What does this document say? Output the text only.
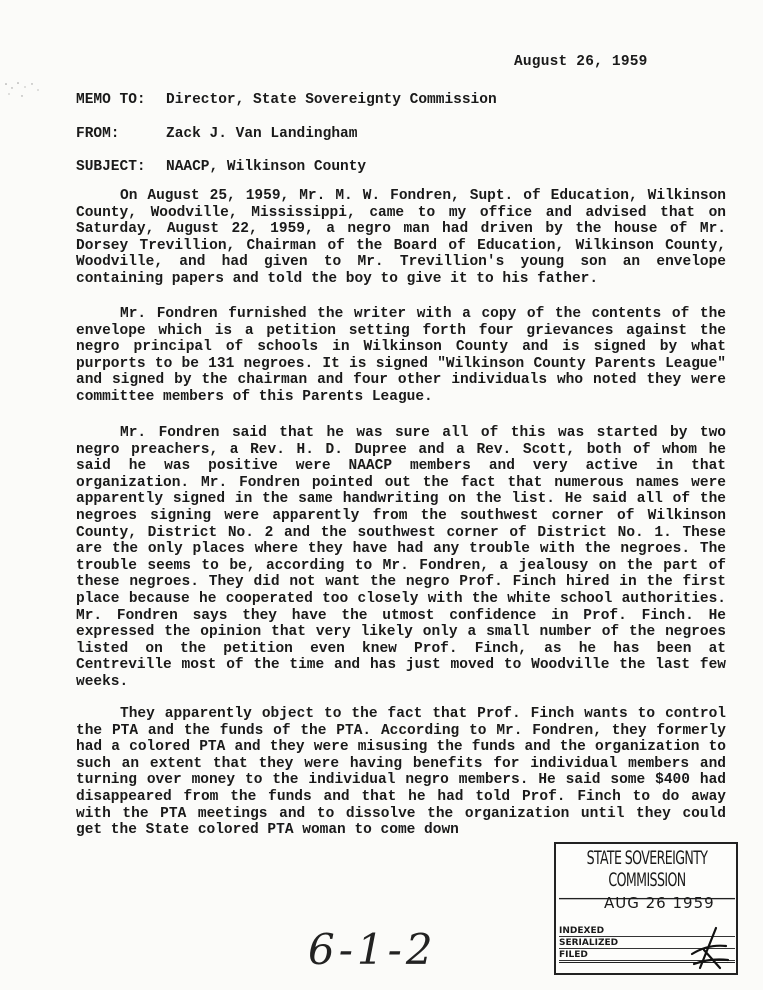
August 26, 1959
MEMO TO: Director, State Sovereignty Commission
FROM:	Zack J. Van Landingham
SUBJECT: NAACP, Wilkinson County

On August 25, 1959, Mr. M. W. Fondren, Supt. of Education, Wilkinson County, Woodville, Mississippi, came to my office and advised that on Saturday, August 22, 1959, a negro man had driven by the house of Mr. Dorsey Trevillion, Chairman of the Board of Education, Wilkinson County, Woodville, and had given to Mr. Trevillion's young son an envelope containing papers and told the boy to give it to his father.

Mr. Fondren furnished the writer with a copy of the contents of the envelope which is a petition setting forth four grievances against the negro principal of schools in Wilkinson County and is signed by what purports to be 131 negroes. It is signed "Wilkinson County Parents League" and signed by the chairman and four other individuals who noted they were committee members of this Parents League.

Mr. Fondren said that he was sure all of this was started by two negro preachers, a Rev. H. D. Dupree and a Rev. Scott, both of whom he said he was positive were NAACP members and very active in that organization. Mr. Fondren pointed out the fact that numerous names were apparently signed in the same handwriting on the list. He said all of the negroes signing were apparently from the southwest corner of Wilkinson County, District No. 2 and the southwest corner of District No. 1. These are the only places where they have had any trouble with the negroes. The trouble seems to be, according to Mr. Fondren, a jealousy on the part of these negroes. They did not want the negro Prof. Finch hired in the first place because he cooperated too closely with the white school authorities. Mr. Fondren says they have the utmost confidence in Prof. Finch. He expressed the opinion that very likely only a small number of the negroes listed on the petition even knew Prof. Finch, as he has been at Centreville most of the time and has just moved to Woodville the last few weeks.

They apparently object to the fact that Prof. Finch wants to control the PTA and the funds of the PTA. According to Mr. Fondren, they formerly had a colored PTA and they were misusing the funds and the organization to such an extent that they were having benefits for individual members and turning over money to the individual negro members. He said some $400 had disappeared from the funds and that he had told Prof. Finch to do away with the PTA meetings and to dissolve the organization until they could get the State colored PTA woman to come down

STATE SOVEREIGNTY COMMISSION
AUG 26 1959
INDEXED
SERIALIZED
FILED
6-1-2
